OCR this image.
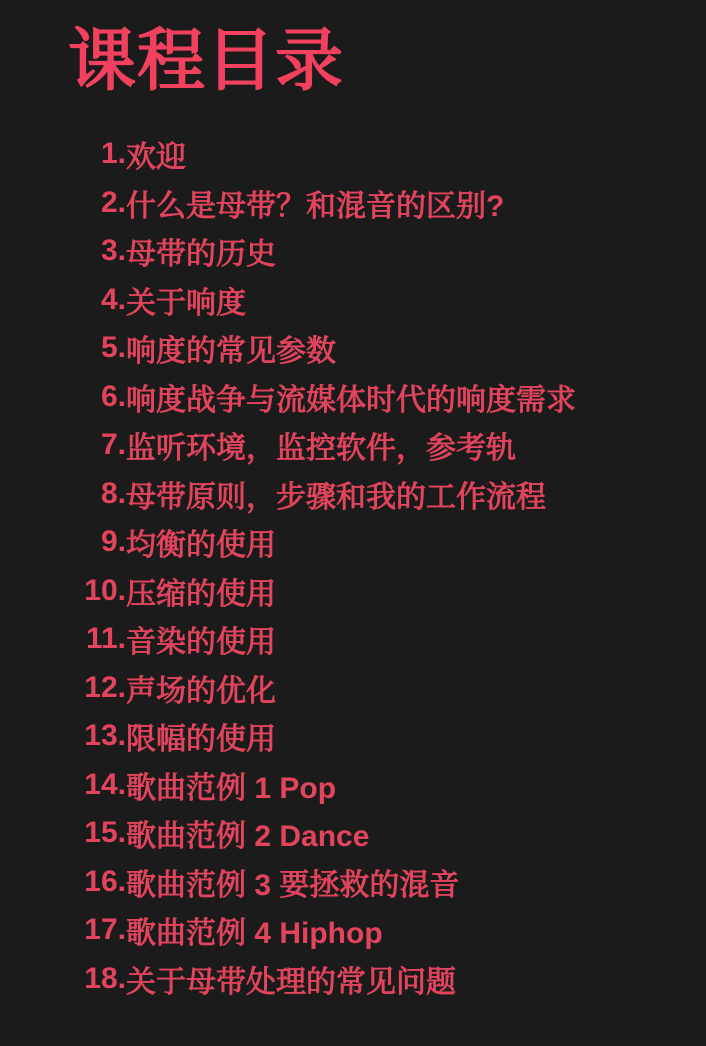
课程目录
1. 欢迎
2. 什么是母带？和混音的区别?
3. 母带的历史
4. 关于响度
5. 响度的常见参数
6. 响度战争与流媒体时代的响度需求
7. 监听环境，监控软件，参考轨
8. 母带原则，步骤和我的工作流程
9. 均衡的使用
10. 压缩的使用
11. 音染的使用
12. 声场的优化
13. 限幅的使用
14. 歌曲范例 1 Pop
15. 歌曲范例 2 Dance
16. 歌曲范例 3 要拯救的混音
17. 歌曲范例 4 Hiphop
18. 关于母带处理的常见问题
